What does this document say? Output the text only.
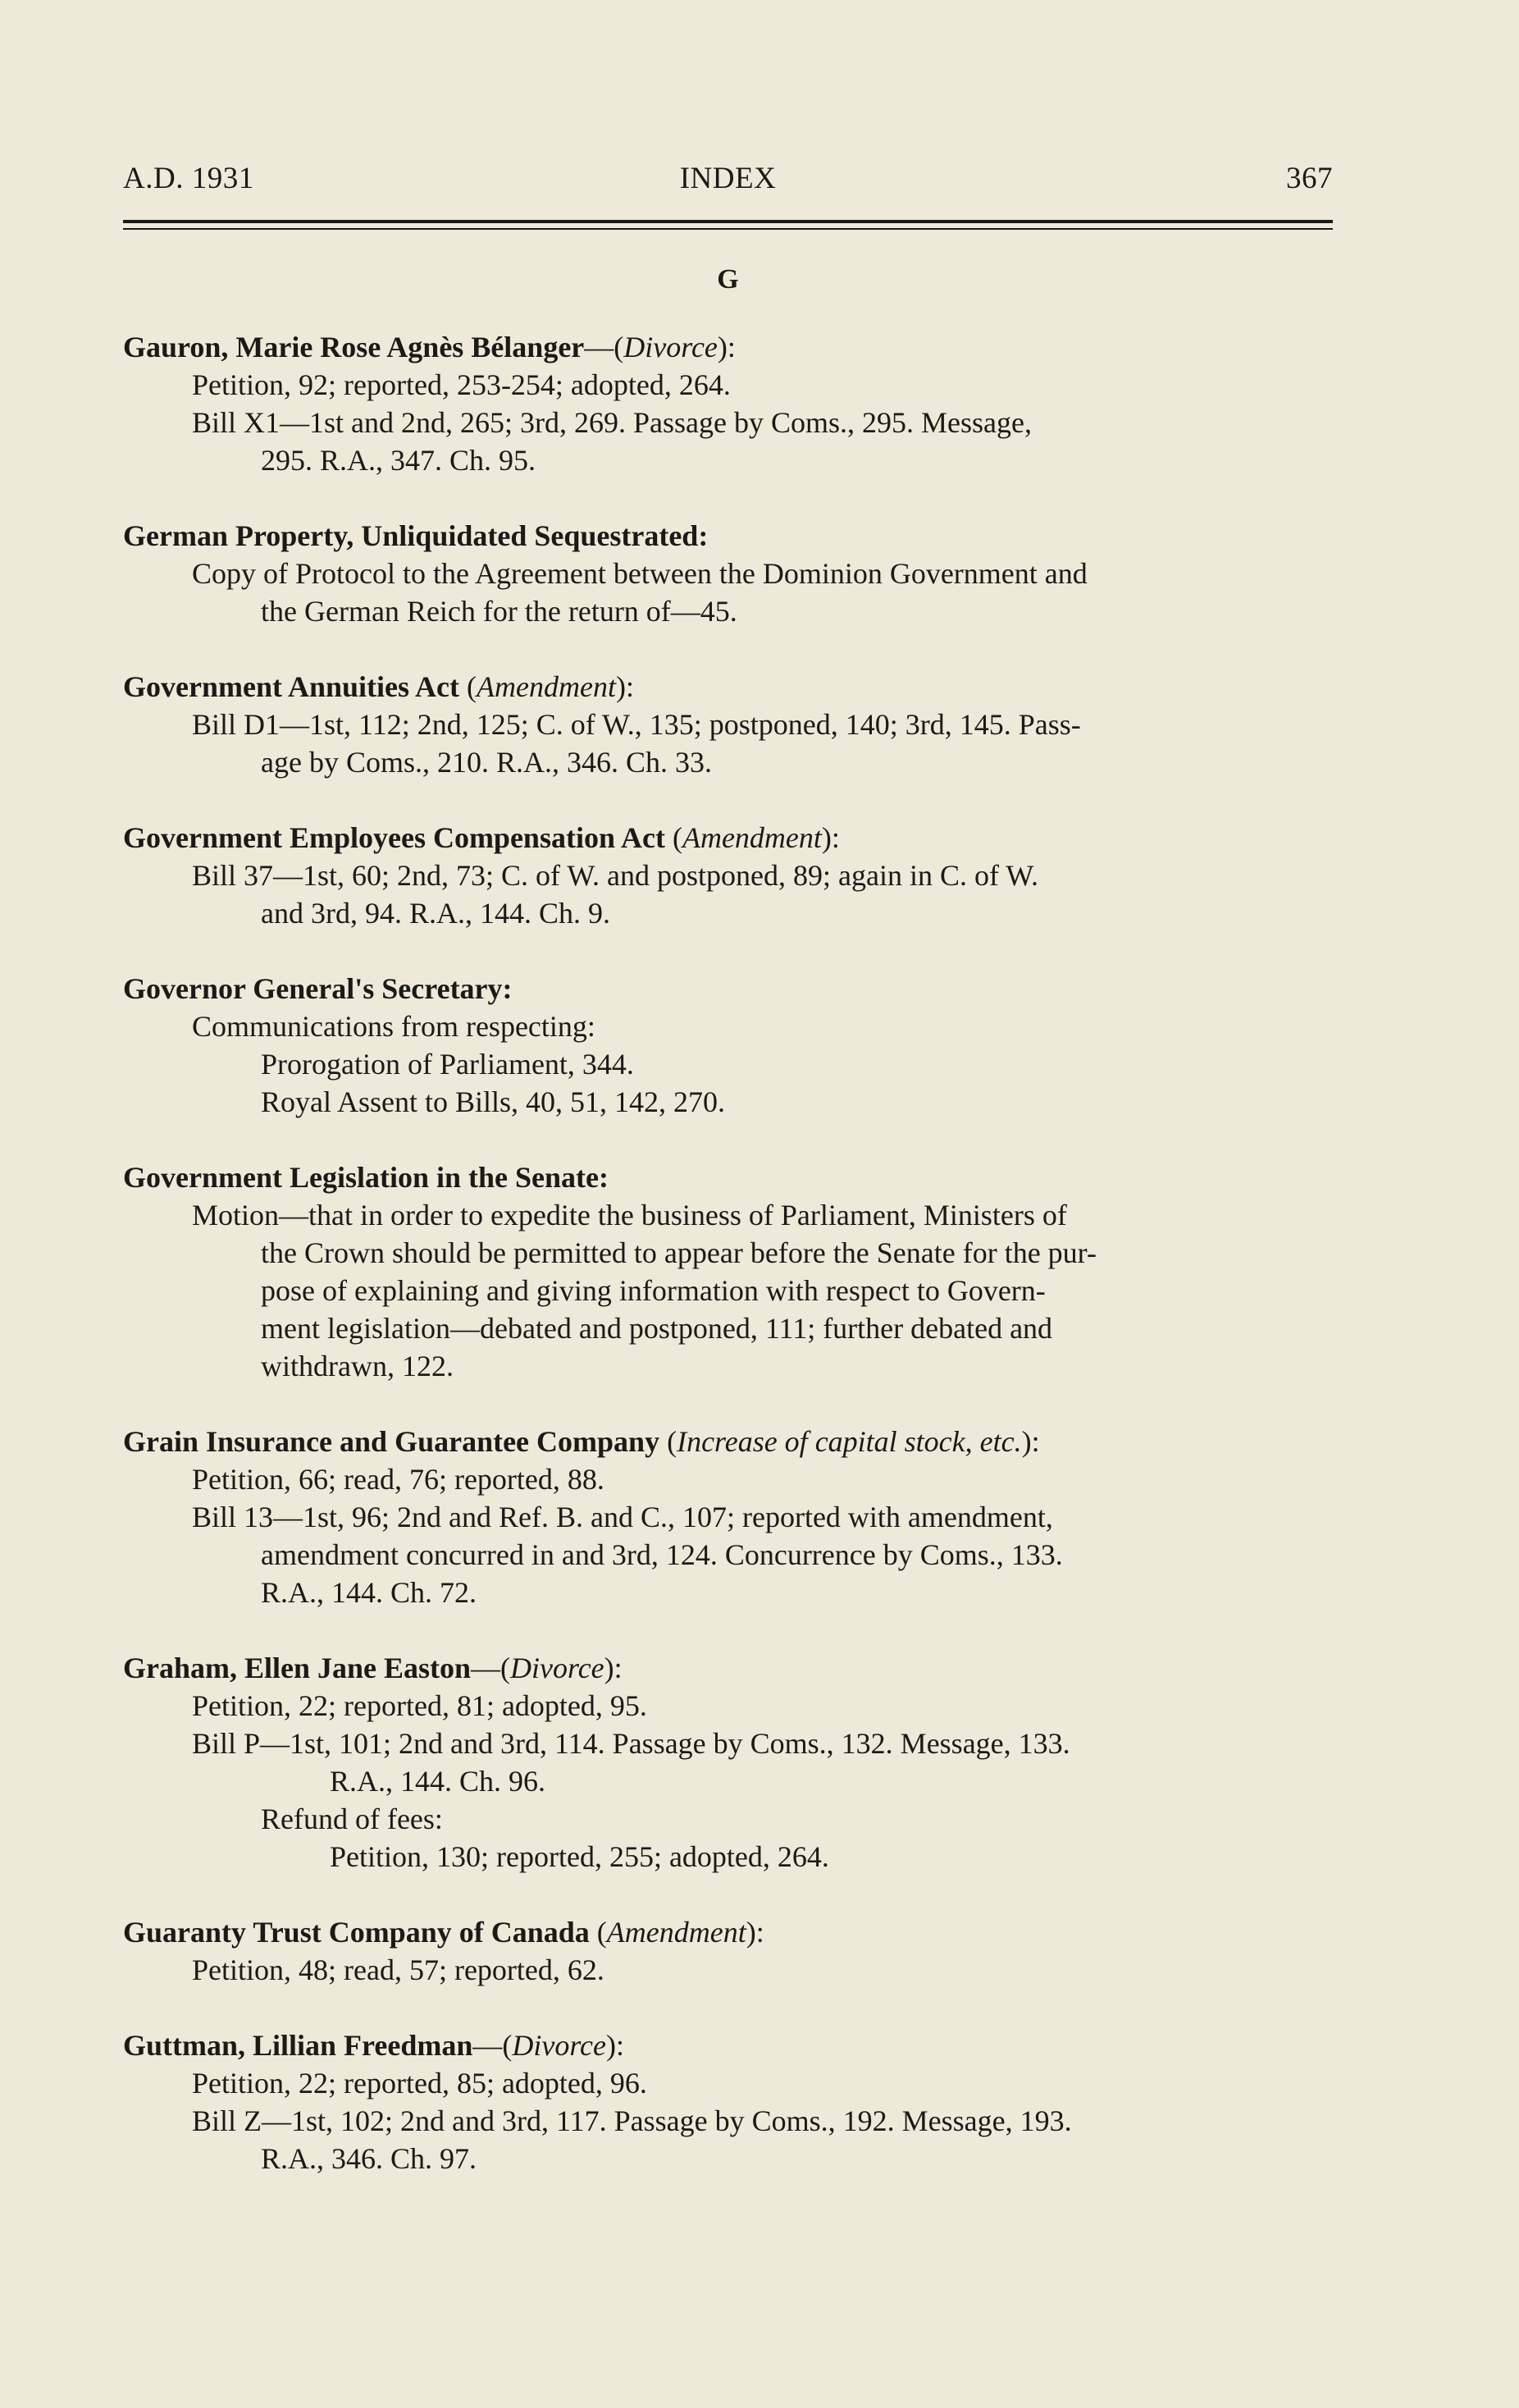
A.D. 1931	INDEX	367
G
Gauron, Marie Rose Agnès Bélanger—(Divorce):
Petition, 92; reported, 253-254; adopted, 264.
Bill X1—1st and 2nd, 265; 3rd, 269. Passage by Coms., 295. Message,
295. R.A., 347. Ch. 95.
German Property, Unliquidated Sequestrated:
Copy of Protocol to the Agreement between the Dominion Government and
the German Reich for the return of—45.
Government Annuities Act (Amendment):
Bill D1—1st, 112; 2nd, 125; C. of W., 135; postponed, 140; 3rd, 145. Pass-
age by Coms., 210. R.A., 346. Ch. 33.
Government Employees Compensation Act (Amendment):
Bill 37—1st, 60; 2nd, 73; C. of W. and postponed, 89; again in C. of W.
and 3rd, 94. R.A., 144. Ch. 9.
Governor General's Secretary:
Communications from respecting:
Prorogation of Parliament, 344.
Royal Assent to Bills, 40, 51, 142, 270.
Government Legislation in the Senate:
Motion—that in order to expedite the business of Parliament, Ministers of
the Crown should be permitted to appear before the Senate for the pur-
pose of explaining and giving information with respect to Govern-
ment legislation—debated and postponed, 111; further debated and
withdrawn, 122.
Grain Insurance and Guarantee Company (Increase of capital stock, etc.):
Petition, 66; read, 76; reported, 88.
Bill 13—1st, 96; 2nd and Ref. B. and C., 107; reported with amendment,
amendment concurred in and 3rd, 124. Concurrence by Coms., 133.
R.A., 144. Ch. 72.
Graham, Ellen Jane Easton—(Divorce):
Petition, 22; reported, 81; adopted, 95.
Bill P—1st, 101; 2nd and 3rd, 114. Passage by Coms., 132. Message, 133.
R.A., 144. Ch. 96.
Refund of fees:
Petition, 130; reported, 255; adopted, 264.
Guaranty Trust Company of Canada (Amendment):
Petition, 48; read, 57; reported, 62.
Guttman, Lillian Freedman—(Divorce):
Petition, 22; reported, 85; adopted, 96.
Bill Z—1st, 102; 2nd and 3rd, 117. Passage by Coms., 192. Message, 193.
R.A., 346. Ch. 97.
